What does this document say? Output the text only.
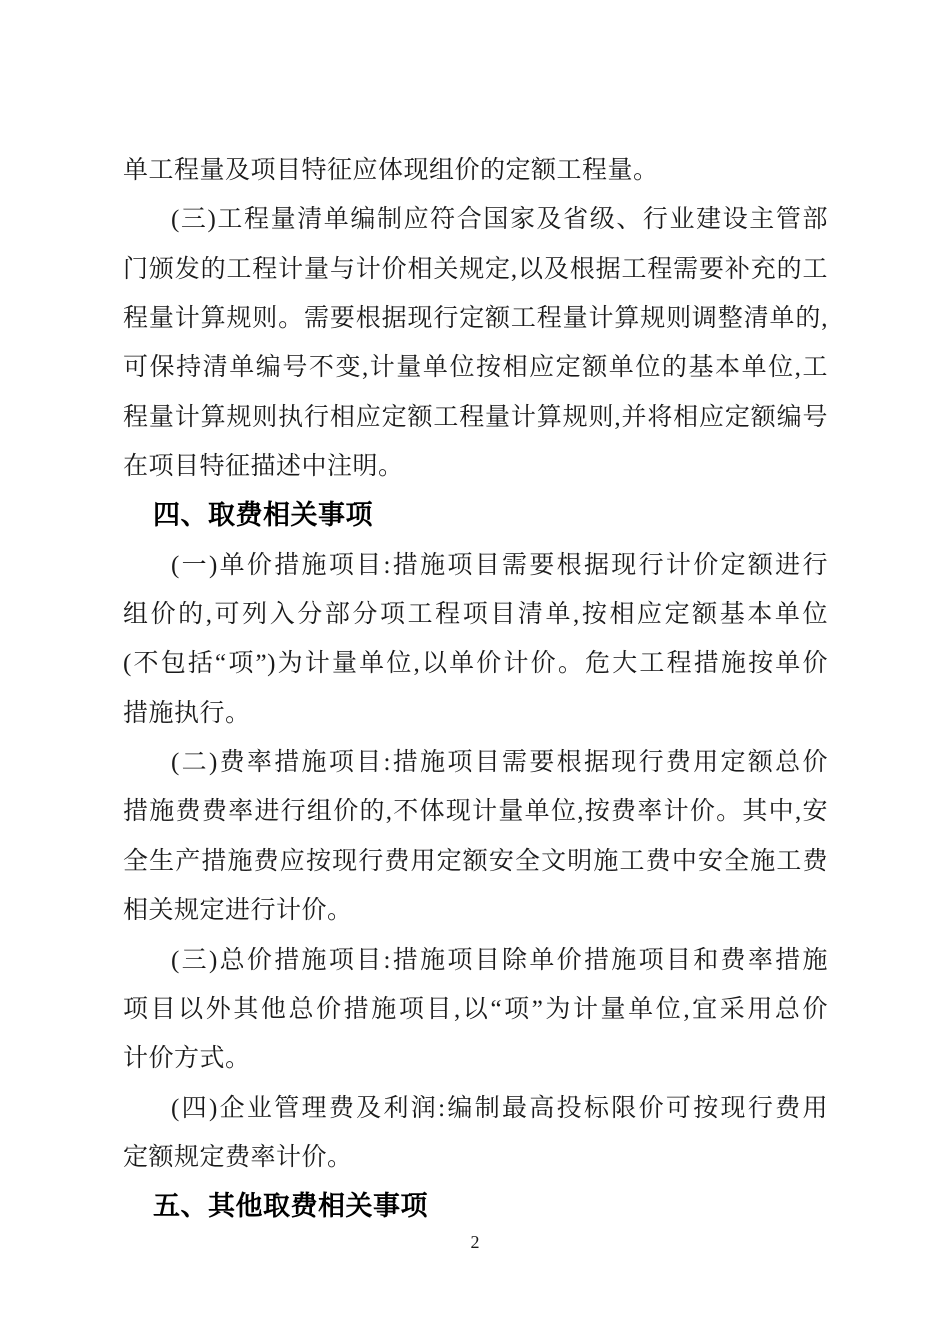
单工程量及项目特征应体现组价的定额工程量。
(三)工程量清单编制应符合国家及省级、行业建设主管部
门颁发的工程计量与计价相关规定,以及根据工程需要补充的工
程量计算规则。需要根据现行定额工程量计算规则调整清单的,
可保持清单编号不变,计量单位按相应定额单位的基本单位,工
程量计算规则执行相应定额工程量计算规则,并将相应定额编号
在项目特征描述中注明。
四、取费相关事项
(一)单价措施项目:措施项目需要根据现行计价定额进行
组价的,可列入分部分项工程项目清单,按相应定额基本单位
(不包括“项”)为计量单位,以单价计价。危大工程措施按单价
措施执行。
(二)费率措施项目:措施项目需要根据现行费用定额总价
措施费费率进行组价的,不体现计量单位,按费率计价。其中,安
全生产措施费应按现行费用定额安全文明施工费中安全施工费
相关规定进行计价。
(三)总价措施项目:措施项目除单价措施项目和费率措施
项目以外其他总价措施项目,以“项”为计量单位,宜采用总价
计价方式。
(四)企业管理费及利润:编制最高投标限价可按现行费用
定额规定费率计价。
五、其他取费相关事项
2
